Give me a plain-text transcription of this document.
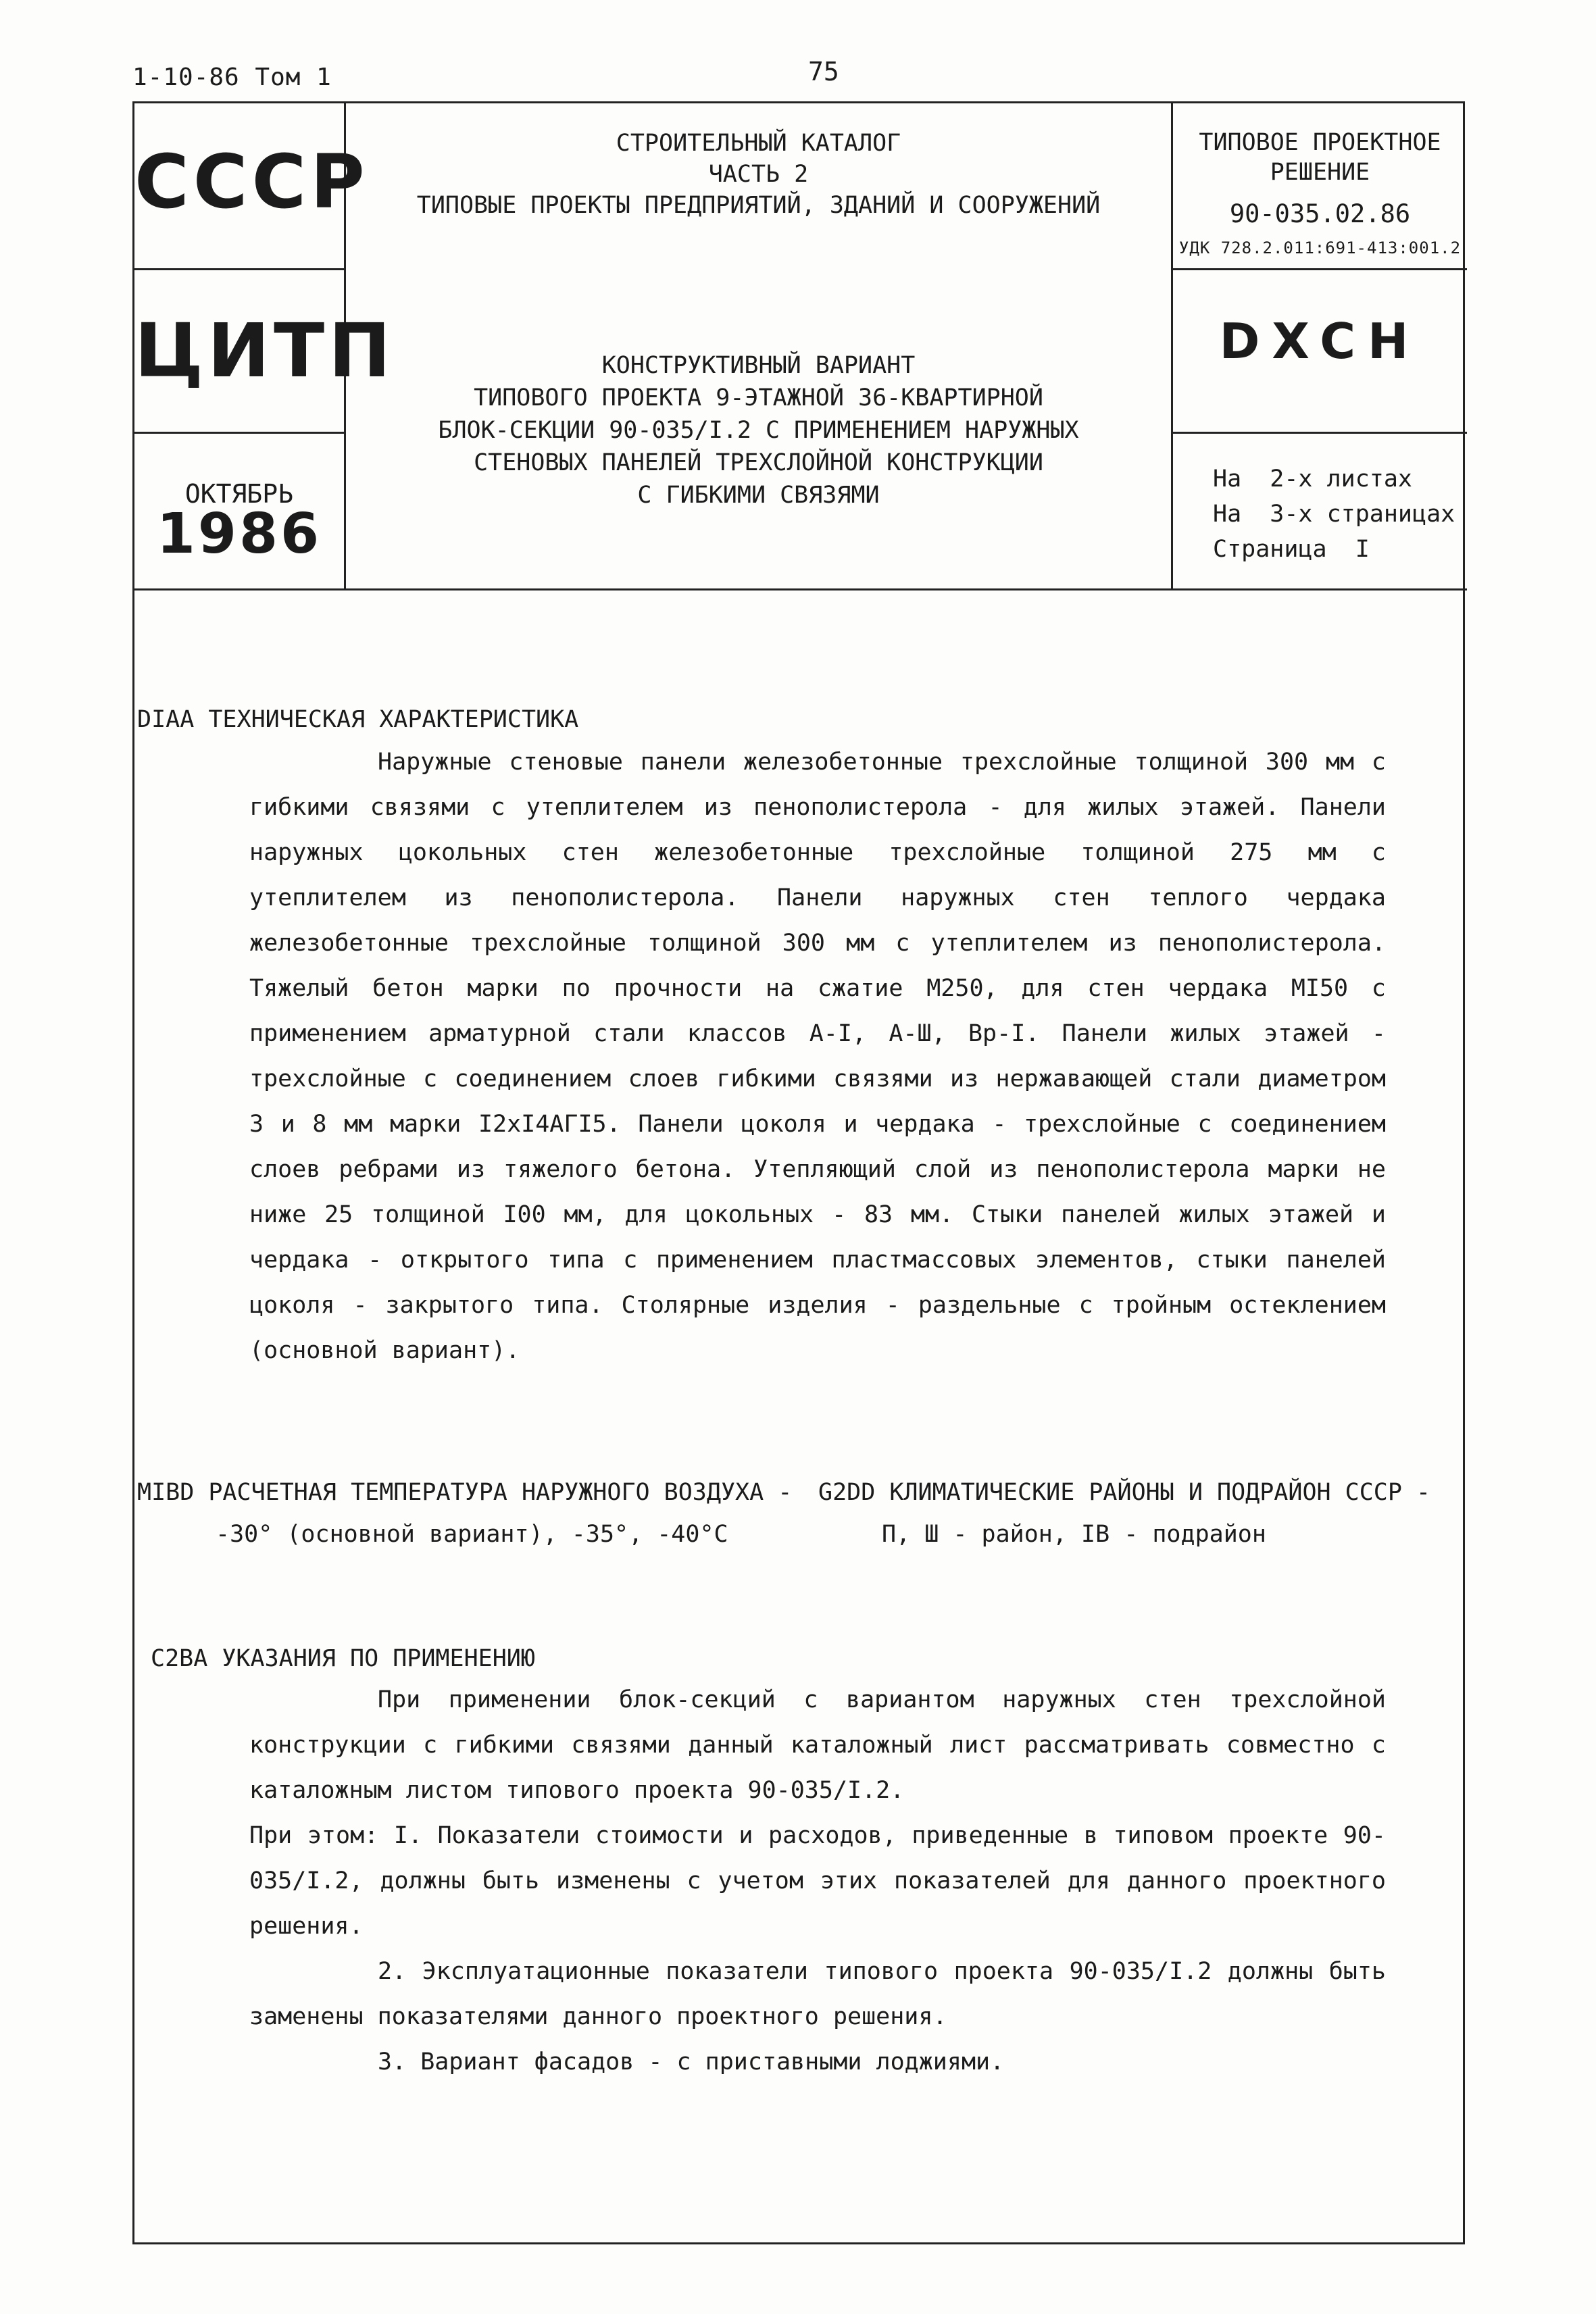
1-10-86 Том 1	75
СССР
ЦИТП
ОКТЯБРЬ
1986
СТРОИТЕЛЬНЫЙ КАТАЛОГ
ЧАСТЬ 2
ТИПОВЫЕ ПРОЕКТЫ ПРЕДПРИЯТИЙ, ЗДАНИЙ И СООРУЖЕНИЙ
КОНСТРУКТИВНЫЙ ВАРИАНТ
ТИПОВОГО ПРОЕКТА 9-ЭТАЖНОЙ 36-КВАРТИРНОЙ
БЛОК-СЕКЦИИ 90-035/I.2 С ПРИМЕНЕНИЕМ НАРУЖНЫХ
СТЕНОВЫХ ПАНЕЛЕЙ ТРЕХСЛОЙНОЙ КОНСТРУКЦИИ
С ГИБКИМИ СВЯЗЯМИ
ТИПОВОЕ ПРОЕКТНОЕ
РЕШЕНИЕ
90-035.02.86
УДК 728.2.011:691-413:001.2
DXCH
На  2-х листах
На  3-х страницах
Страница  I
DIAA ТЕХНИЧЕСКАЯ ХАРАКТЕРИСТИКА

Наружные стеновые панели железобетонные трехслойные толщиной 300 мм с гибкими связями с утеплителем из пенополистерола - для жилых этажей. Панели наружных цокольных стен железобетонные трехслойные толщиной 275 мм с утеплителем из пенополистерола. Панели наружных стен теплого чердака железобетонные трехслойные толщиной 300 мм с утеплителем из пенополистерола. Тяжелый бетон марки по прочности на сжатие М250, для стен чердака МI50 с применением арматурной стали классов A-I, A-Ш, Вр-I. Панели жилых этажей - трехслойные с соединением слоев гибкими связями из нержавающей стали диаметром 3 и 8 мм марки I2xI4AГI5. Панели цоколя и чердака - трехслойные с соединением слоев ребрами из тяжелого бетона. Утепляющий слой из пенополистерола марки не ниже 25 толщиной I00 мм, для цокольных - 83 мм. Стыки панелей жилых этажей и чердака - открытого типа с применением пластмассовых элементов, стыки панелей цоколя - закрытого типа. Столярные изделия - раздельные с тройным остеклением (основной вариант).

MIBD РАСЧЕТНАЯ ТЕМПЕРАТУРА НАРУЖНОГО ВОЗДУХА -
-30° (основной вариант), -35°, -40°С
G2DD КЛИМАТИЧЕСКИЕ РАЙОНЫ И ПОДРАЙОН СССР -
П, Ш - район, IВ - подрайон
C2BA УКАЗАНИЯ ПО ПРИМЕНЕНИЮ

При применении блок-секций с вариантом наружных стен трехслойной конструкции с гибкими связями данный каталожный лист рассматривать совместно с каталожным листом типового проекта 90-035/I.2.

При этом: I. Показатели стоимости и расходов, приведенные в типовом проекте 90-035/I.2, должны быть изменены с учетом этих показателей для данного проектного решения.

2. Эксплуатационные показатели типового проекта 90-035/I.2 должны быть заменены показателями данного проектного решения.

3. Вариант фасадов - с приставными лоджиями.
